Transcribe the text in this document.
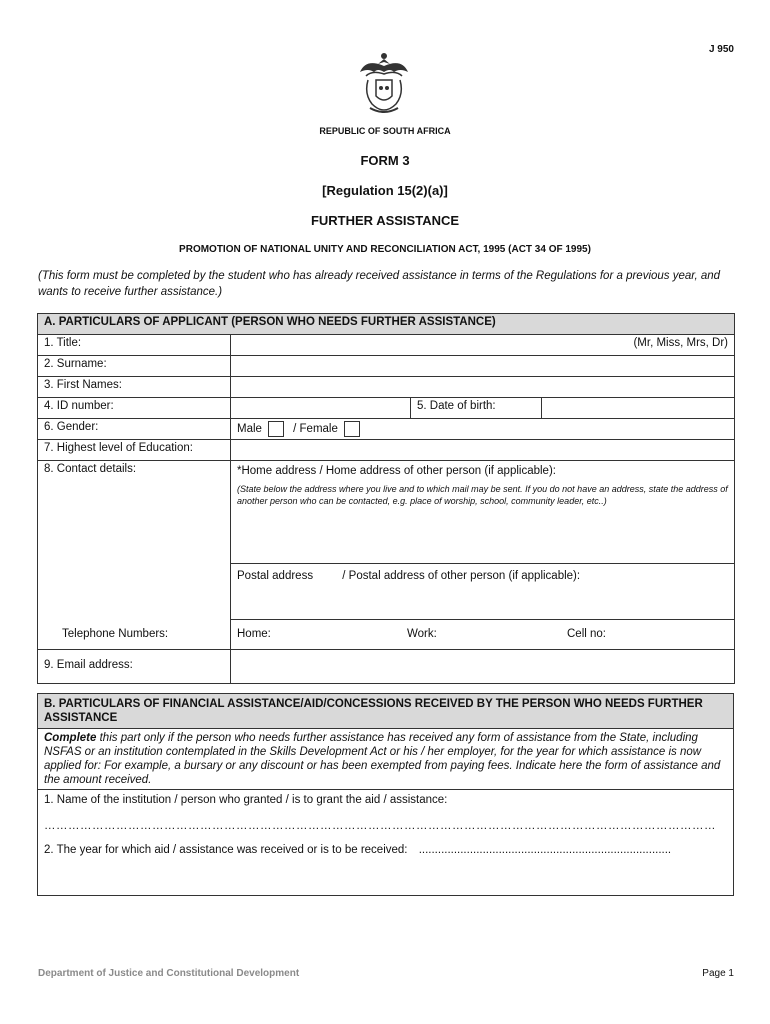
J 950
REPUBLIC OF SOUTH AFRICA
FORM 3
[Regulation 15(2)(a)]
FURTHER ASSISTANCE
PROMOTION OF NATIONAL UNITY AND RECONCILIATION ACT, 1995 (ACT 34 OF 1995)
(This form must be completed by the student who has already received assistance in terms of the Regulations for a previous year, and wants to receive further assistance.)
A. PARTICULARS OF APPLICANT (PERSON WHO NEEDS FURTHER ASSISTANCE)			
1. Title:	(Mr, Miss, Mrs, Dr)		
2. Surname:			
3. First Names:			
4. ID number:		5. Date of birth:	
6. Gender:	Male / Female		
7. Highest level of Education:			
8. Contact details:	*Home address / Home address of other person (if applicable):
(State below the address where you live and to which mail may be sent. If you do not have an address, state the address of another person who can be contacted, e.g. place of worship, school, community leader, etc..)		

	Postal address / Postal address of other person (if applicable):		
Telephone Numbers:	Home: Work: Cell no:		

9. Email address:			
B. PARTICULARS OF FINANCIAL ASSISTANCE/AID/CONCESSIONS RECEIVED BY THE PERSON WHO NEEDS FURTHER ASSISTANCE
Complete this part only if the person who needs further assistance has received any form of assistance from the State, including NSFAS or an institution contemplated in the Skills Development Act or his / her employer, for the year for which assistance is now applied for: For example, a bursary or any discount or has been exempted from paying fees. Indicate here the form of assistance and the amount received.

1. Name of the institution / person who granted / is to grant the aid / assistance:
……………………………………………………………………………………………………………………………………………………
2. The year for which aid / assistance was received or is to be received: ...............................................................................
Department of Justice and Constitutional Development	Page 1
